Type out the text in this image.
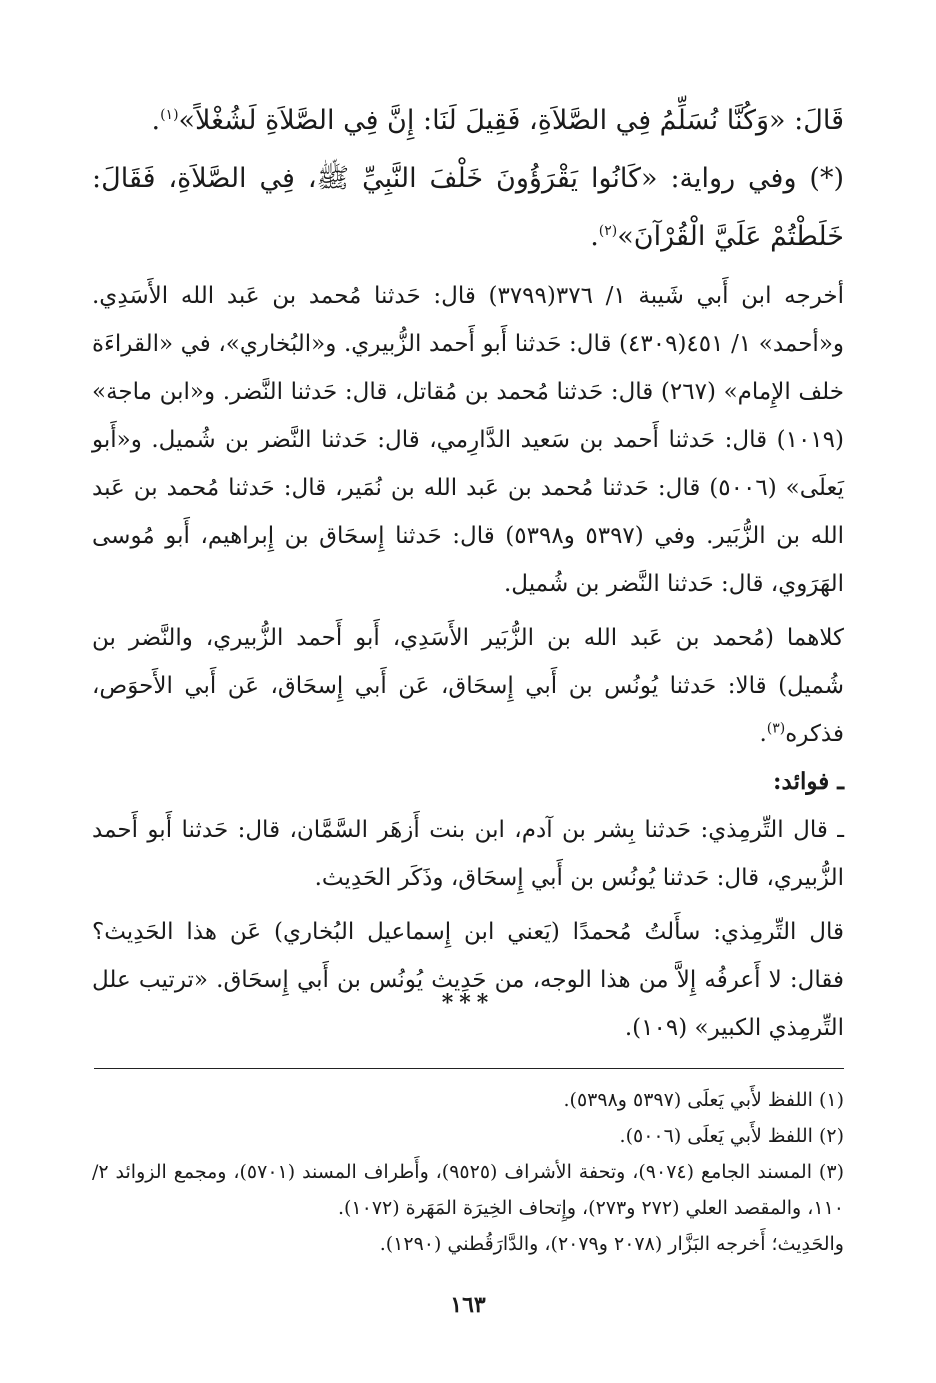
قَالَ: «وَكُنَّا نُسَلِّمُ فِي الصَّلاَةِ، فَقِيلَ لَنَا: إِنَّ فِي الصَّلاَةِ لَشُغْلاً»$^{(١)}$.

(*) وفي رواية: «كَانُوا يَقْرَؤُونَ خَلْفَ النَّبِيِّ ﷺ، فِي الصَّلاَةِ، فَقَالَ: خَلَطْتُمْ عَلَيَّ الْقُرْآنَ»$^{(٢)}$.

أخرجه ابن أَبي شَيبة ١/ ٣٧٦(٣٧٩٩) قال: حَدثنا مُحمد بن عَبد الله الأَسَدِي. و«أحمد» ١/ ٤٥١(٤٣٠٩) قال: حَدثنا أَبو أَحمد الزُّبيري. و«البُخاري»، في «القراءَة خلف الإِمام» (٢٦٧) قال: حَدثنا مُحمد بن مُقاتل، قال: حَدثنا النَّضر. و«ابن ماجة» (١٠١٩) قال: حَدثنا أَحمد بن سَعيد الدَّارِمي، قال: حَدثنا النَّضر بن شُميل. و«أَبو يَعلَى» (٥٠٠٦) قال: حَدثنا مُحمد بن عَبد الله بن نُمَير، قال: حَدثنا مُحمد بن عَبد الله بن الزُّبَير. وفي (٥٣٩٧ و٥٣٩٨) قال: حَدثنا إِسحَاق بن إِبراهيم، أَبو مُوسى الهَرَوي، قال: حَدثنا النَّضر بن شُميل.

كلاهما (مُحمد بن عَبد الله بن الزُّبَير الأَسَدِي، أَبو أَحمد الزُّبيري، والنَّضر بن شُميل) قالا: حَدثنا يُونُس بن أَبي إِسحَاق، عَن أَبي إِسحَاق، عَن أَبي الأَحوَص، فذكره$^{(٣)}$.

ـ فوائد:

ـ قال التِّرمِذي: حَدثنا بِشر بن آدم، ابن بنت أَزهَر السَّمَّان، قال: حَدثنا أَبو أَحمد الزُّبيري، قال: حَدثنا يُونُس بن أَبي إِسحَاق، وذَكَر الحَدِيث.

قال التِّرمِذي: سأَلتُ مُحمدًا (يَعني ابن إِسماعيل البُخاري) عَن هذا الحَدِيث؟ فقال: لا أَعرفُه إِلاَّ من هذا الوجه، من حَدِيث يُونُس بن أَبي إِسحَاق. «ترتيب علل التِّرمِذي الكبير» (١٠٩).

***

(١) اللفظ لأَبي يَعلَى (٥٣٩٧ و٥٣٩٨).

(٢) اللفظ لأَبي يَعلَى (٥٠٠٦).

(٣) المسند الجامع (٩٠٧٤)، وتحفة الأشراف (٩٥٢٥)، وأَطراف المسند (٥٧٠١)، ومجمع الزوائد ٢/ ١١٠، والمقصد العلي (٢٧٢ و٢٧٣)، وإِتحاف الخِيرَة المَهَرة (١٠٧٢).

والحَدِيث؛ أَخرجه البَزَّار (٢٠٧٨ و٢٠٧٩)، والدَّارَقُطني (١٢٩٠).

١٦٣
